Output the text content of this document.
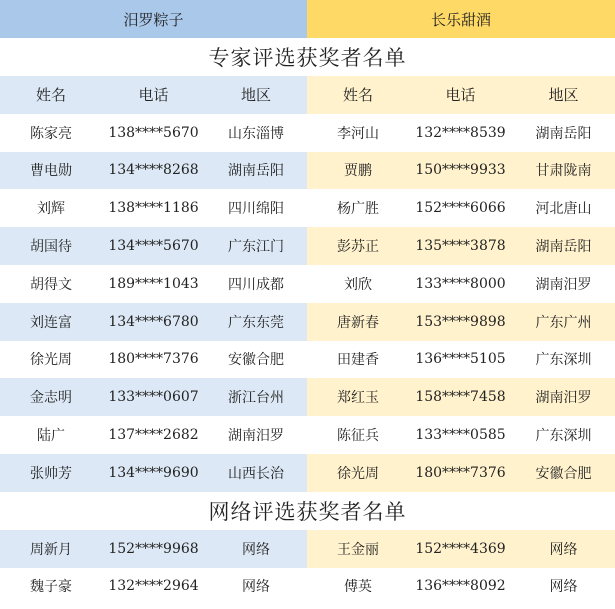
汨罗粽子	长乐甜酒
专家评选获奖者名单
姓名	电话	地区	姓名	电话	地区
陈家亮	138****5670	山东淄博	李河山	132****8539	湖南岳阳
曹电勋	134****8268	湖南岳阳	贾鹏	150****9933	甘肃陇南
刘辉	138****1186	四川绵阳	杨广胜	152****6066	河北唐山
胡国待	134****5670	广东江门	彭苏正	135****3878	湖南岳阳
胡得文	189****1043	四川成都	刘欣	133****8000	湖南汨罗
刘连富	134****6780	广东东莞	唐新春	153****9898	广东广州
徐光周	180****7376	安徽合肥	田建香	136****5105	广东深圳
金志明	133****0607	浙江台州	郑红玉	158****7458	湖南汨罗
陆广	137****2682	湖南汨罗	陈征兵	133****0585	广东深圳
张帅芳	134****9690	山西长治	徐光周	180****7376	安徽合肥
网络评选获奖者名单
周新月	152****9968	网络	王金丽	152****4369	网络
魏子豪	132****2964	网络	傅英	136****8092	网络
